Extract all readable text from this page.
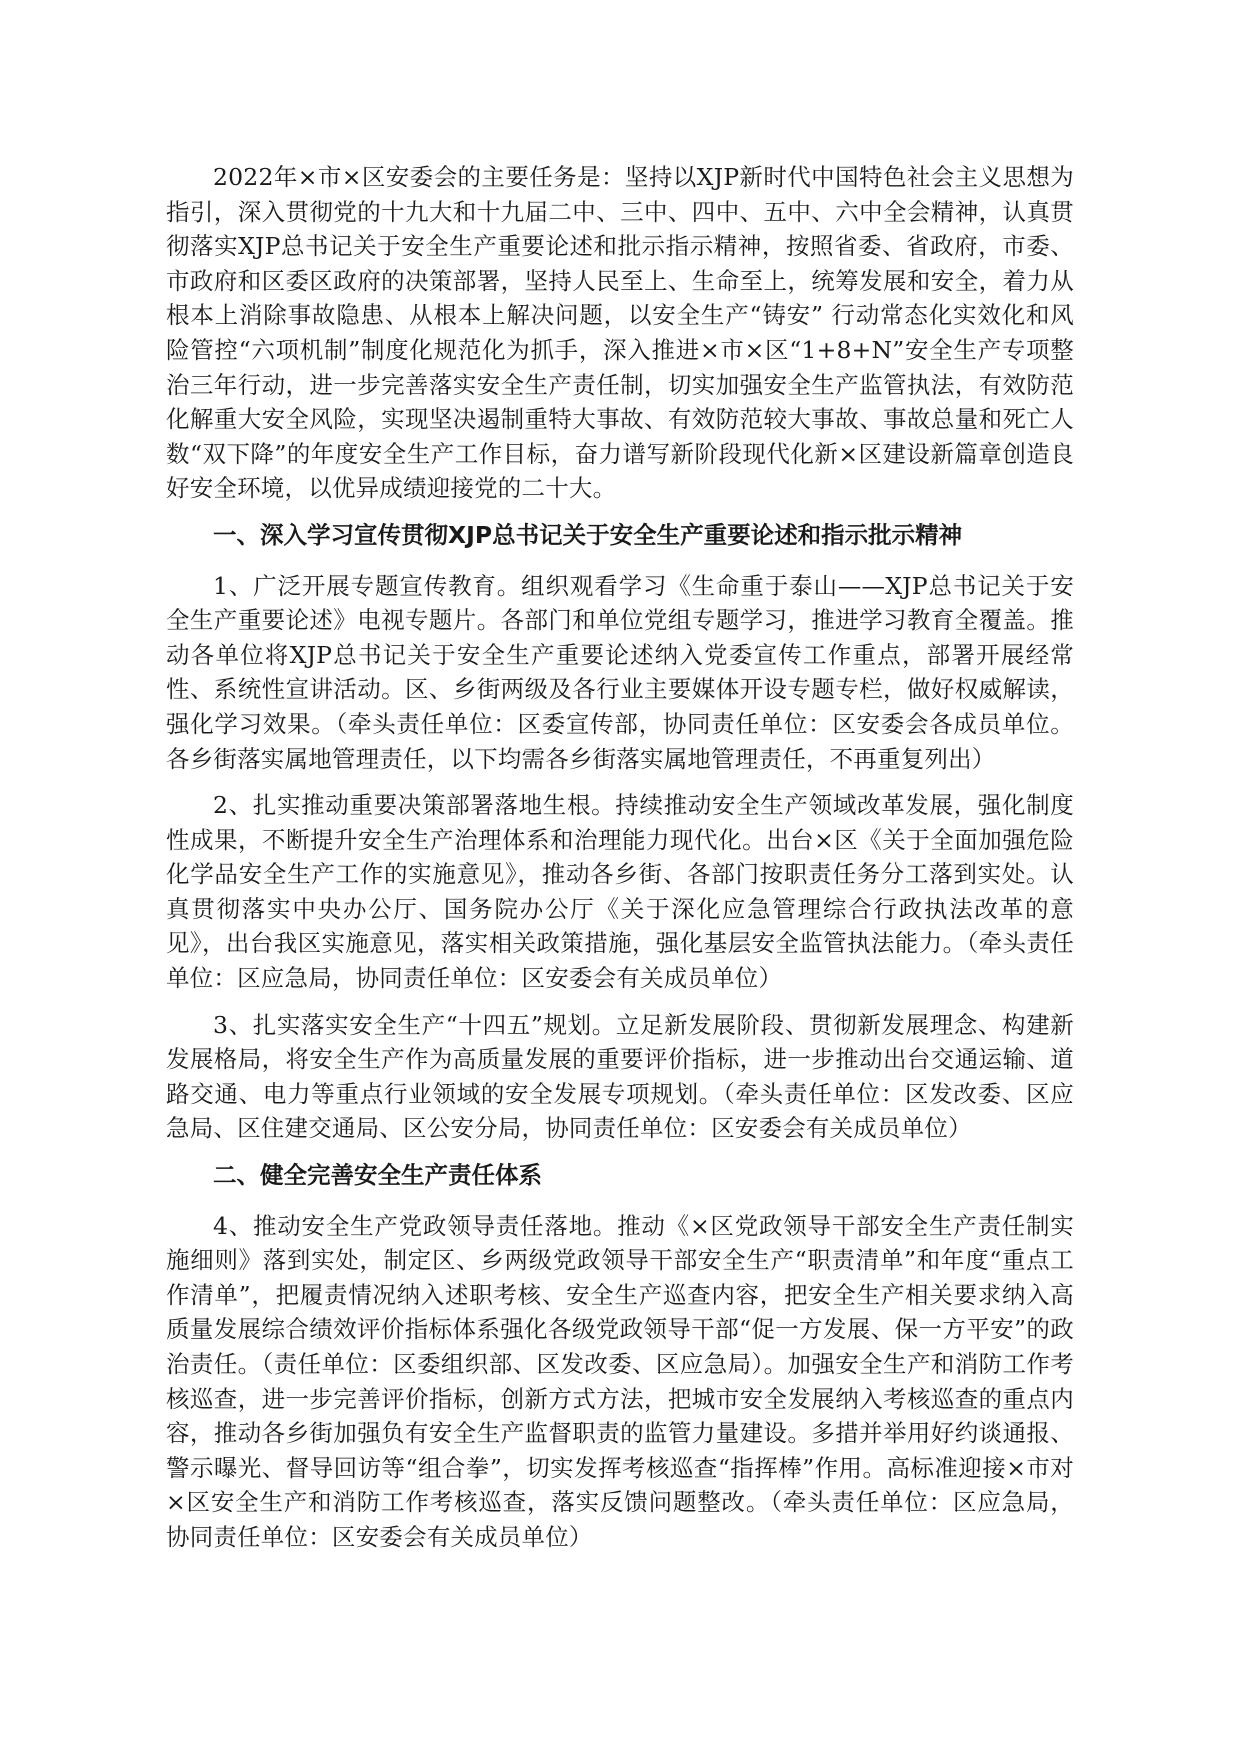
2022年×市×区安委会的主要任务是：坚持以XJP新时代中国特色社会主义思想为指引，深入贯彻党的十九大和十九届二中、三中、四中、五中、六中全会精神，认真贯彻落实XJP总书记关于安全生产重要论述和批示指示精神，按照省委、省政府，市委、市政府和区委区政府的决策部署，坚持人民至上、生命至上，统筹发展和安全，着力从根本上消除事故隐患、从根本上解决问题，以安全生产“铸安” 行动常态化实效化和风险管控“六项机制”制度化规范化为抓手，深入推进×市×区“1+8+N”安全生产专项整治三年行动，进一步完善落实安全生产责任制，切实加强安全生产监管执法，有效防范化解重大安全风险，实现坚决遏制重特大事故、有效防范较大事故、事故总量和死亡人数“双下降”的年度安全生产工作目标，奋力谱写新阶段现代化新×区建设新篇章创造良好安全环境，以优异成绩迎接党的二十大。

一、深入学习宣传贯彻XJP总书记关于安全生产重要论述和指示批示精神

1、广泛开展专题宣传教育。组织观看学习《生命重于泰山——XJP总书记关于安全生产重要论述》电视专题片。各部门和单位党组专题学习，推进学习教育全覆盖。推动各单位将XJP总书记关于安全生产重要论述纳入党委宣传工作重点，部署开展经常性、系统性宣讲活动。区、乡街两级及各行业主要媒体开设专题专栏，做好权威解读，强化学习效果。（牵头责任单位：区委宣传部，协同责任单位：区安委会各成员单位。各乡街落实属地管理责任，以下均需各乡街落实属地管理责任，不再重复列出）

2、扎实推动重要决策部署落地生根。持续推动安全生产领域改革发展，强化制度性成果，不断提升安全生产治理体系和治理能力现代化。出台×区《关于全面加强危险化学品安全生产工作的实施意见》，推动各乡街、各部门按职责任务分工落到实处。认真贯彻落实中央办公厅、国务院办公厅《关于深化应急管理综合行政执法改革的意见》，出台我区实施意见，落实相关政策措施，强化基层安全监管执法能力。（牵头责任单位：区应急局，协同责任单位：区安委会有关成员单位）

3、扎实落实安全生产“十四五”规划。立足新发展阶段、贯彻新发展理念、构建新发展格局，将安全生产作为高质量发展的重要评价指标，进一步推动出台交通运输、道路交通、电力等重点行业领域的安全发展专项规划。（牵头责任单位：区发改委、区应急局、区住建交通局、区公安分局，协同责任单位：区安委会有关成员单位）

二、健全完善安全生产责任体系

4、推动安全生产党政领导责任落地。推动《×区党政领导干部安全生产责任制实施细则》落到实处，制定区、乡两级党政领导干部安全生产“职责清单”和年度“重点工作清单”，把履责情况纳入述职考核、安全生产巡查内容，把安全生产相关要求纳入高质量发展综合绩效评价指标体系强化各级党政领导干部“促一方发展、保一方平安”的政治责任。（责任单位：区委组织部、区发改委、区应急局）。加强安全生产和消防工作考核巡查，进一步完善评价指标，创新方式方法，把城市安全发展纳入考核巡查的重点内容，推动各乡街加强负有安全生产监督职责的监管力量建设。多措并举用好约谈通报、警示曝光、督导回访等“组合拳”，切实发挥考核巡查“指挥棒”作用。高标准迎接×市对×区安全生产和消防工作考核巡查，落实反馈问题整改。（牵头责任单位：区应急局，协同责任单位：区安委会有关成员单位）
